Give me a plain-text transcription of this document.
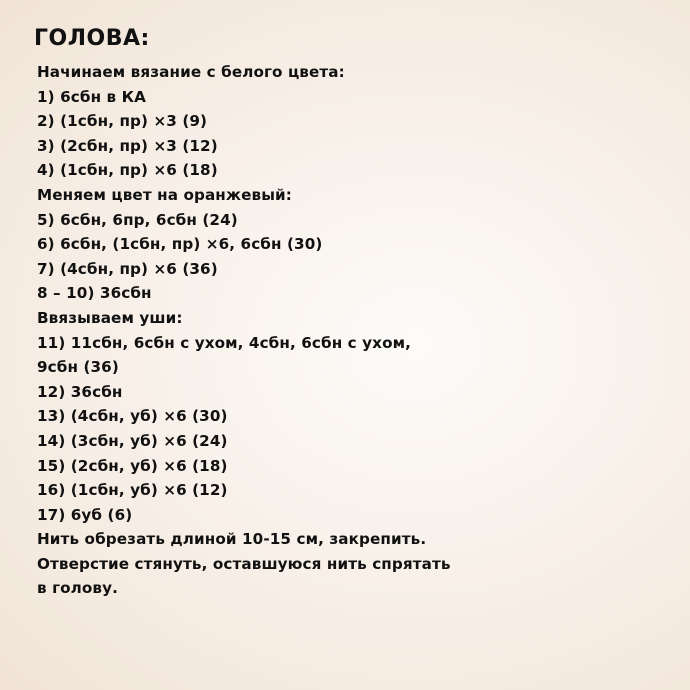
ГОЛОВА:
Начинаем вязание с белого цвета:
1) 6сбн в КА
2) (1сбн, пр) ×3 (9)
3) (2сбн, пр) ×3 (12)
4) (1сбн, пр) ×6 (18)
Меняем цвет на оранжевый:
5) 6сбн, 6пр, 6сбн (24)
6) 6сбн, (1сбн, пр) ×6, 6сбн (30)
7) (4сбн, пр) ×6 (36)
8 – 10) 36сбн
Ввязываем уши:
11) 11сбн, 6сбн с ухом, 4сбн, 6сбн с ухом,
9сбн (36)
12) 36сбн
13) (4сбн, уб) ×6 (30)
14) (3сбн, уб) ×6 (24)
15) (2сбн, уб) ×6 (18)
16) (1сбн, уб) ×6 (12)
17) 6уб (6)
Нить обрезать длиной 10-15 см, закрепить.
Отверстие стянуть, оставшуюся нить спрятать
в голову.
